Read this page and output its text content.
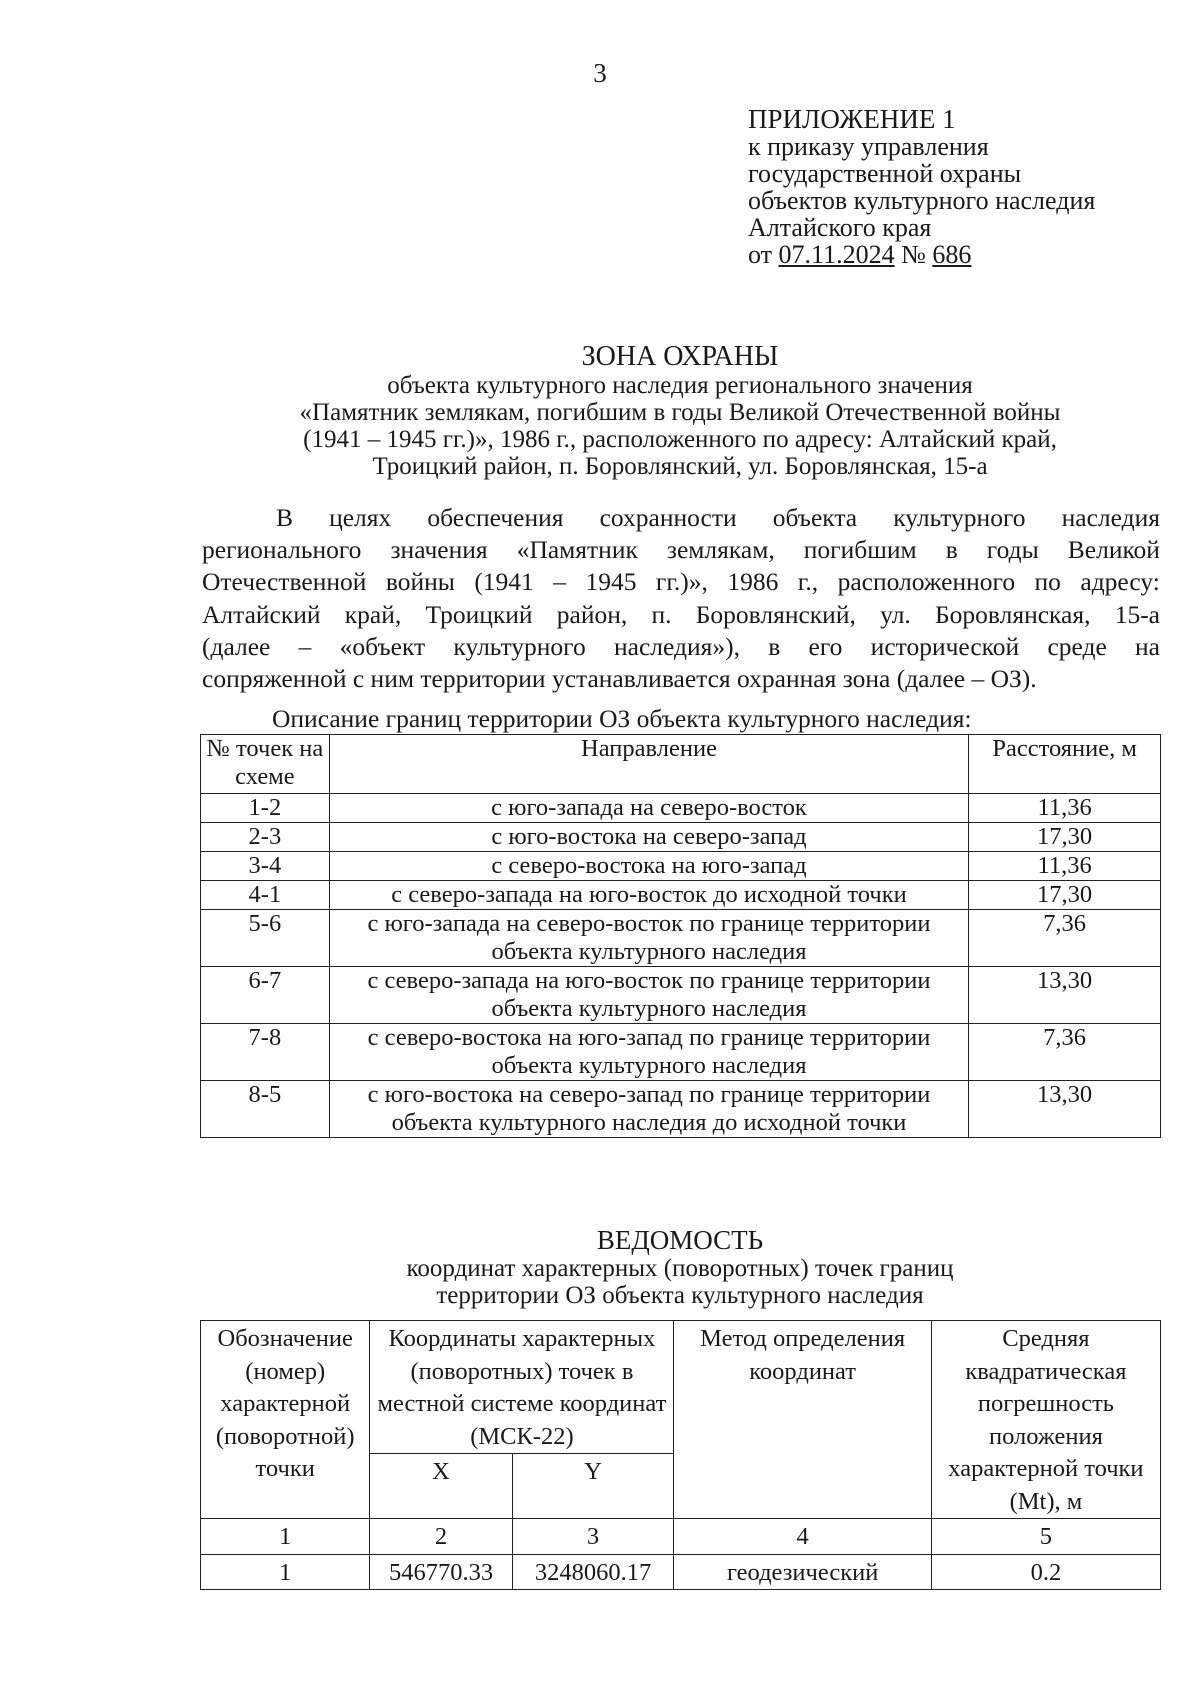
3
ПРИЛОЖЕНИЕ 1
к приказу управления
государственной охраны
объектов культурного наследия
Алтайского края
от 07.11.2024 № 686
ЗОНА ОХРАНЫ
объекта культурного наследия регионального значения
«Памятник землякам, погибшим в годы Великой Отечественной войны
(1941 – 1945 гг.)», 1986 г., расположенного по адресу: Алтайский край,
Троицкий район, п. Боровлянский, ул. Боровлянская, 15-а
В целях обеспечения сохранности объекта культурного наследия
регионального значения «Памятник землякам, погибшим в годы Великой
Отечественной войны (1941 – 1945 гг.)», 1986 г., расположенного по адресу:
Алтайский край, Троицкий район, п. Боровлянский, ул. Боровлянская, 15-а
(далее – «объект культурного наследия»), в его исторической среде на
сопряженной с ним территории устанавливается охранная зона (далее – ОЗ).
Описание границ территории ОЗ объекта культурного наследия:
№ точек на схеме	Направление	Расстояние, м
1-2	с юго-запада на северо-восток	11,36
2-3	с юго-востока на северо-запад	17,30
3-4	с северо-востока на юго-запад	11,36
4-1	с северо-запада на юго-восток до исходной точки	17,30
5-6	с юго-запада на северо-восток по границе территории объекта культурного наследия	7,36
6-7	с северо-запада на юго-восток по границе территории объекта культурного наследия	13,30
7-8	с северо-востока на юго-запад по границе территории объекта культурного наследия	7,36
8-5	с юго-востока на северо-запад по границе территории объекта культурного наследия до исходной точки	13,30
ВЕДОМОСТЬ
координат характерных (поворотных) точек границ
территории ОЗ объекта культурного наследия
Обозначение (номер) характерной (поворотной) точки	Координаты характерных (поворотных) точек в местной системе координат (МСК-22)		Метод определения координат	Средняя квадратическая погрешность положения характерной точки (Mt), м
	X	Y		
1	2	3	4	5
1	546770.33	3248060.17	геодезический	0.2
